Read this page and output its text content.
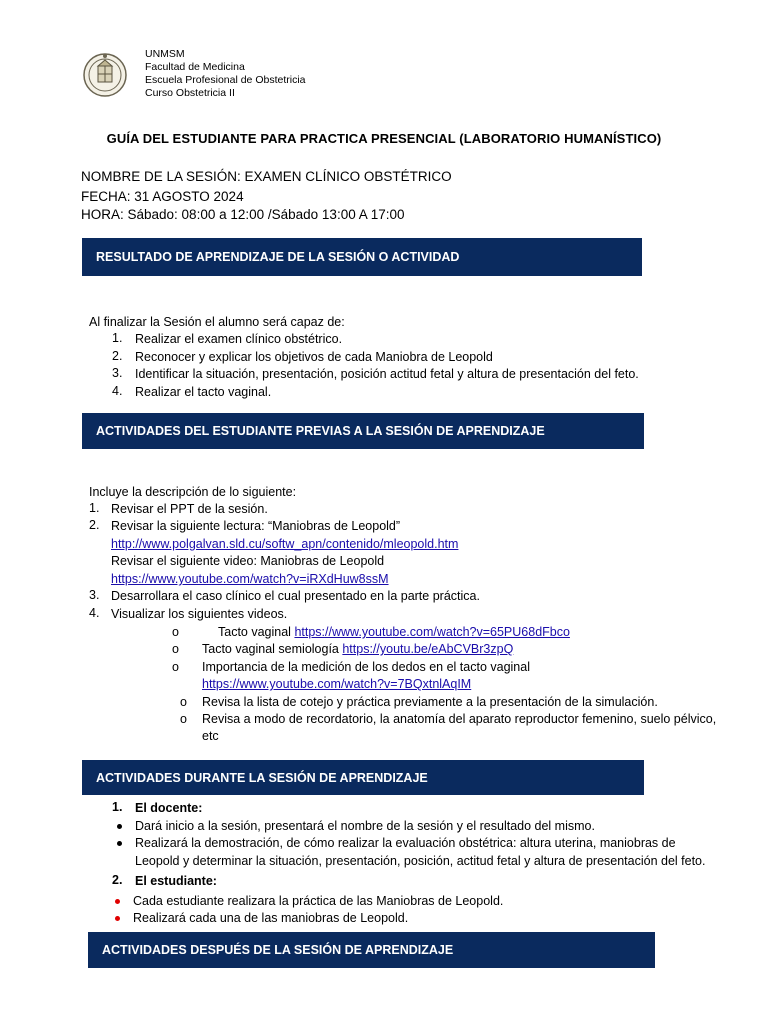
UNMSM
Facultad de Medicina
Escuela Profesional de Obstetricia
Curso Obstetricia II
GUÍA DEL ESTUDIANTE PARA PRACTICA PRESENCIAL (LABORATORIO HUMANÍSTICO)
NOMBRE DE LA SESIÓN: EXAMEN CLÍNICO OBSTÉTRICO
FECHA: 31 AGOSTO 2024
HORA: Sábado: 08:00 a 12:00 /Sábado 13:00 A 17:00
RESULTADO DE APRENDIZAJE DE LA SESIÓN O ACTIVIDAD
Al finalizar la Sesión el alumno será capaz de:
1. Realizar el examen clínico obstétrico.
2. Reconocer y explicar los objetivos de cada Maniobra de Leopold
3. Identificar la situación, presentación, posición actitud fetal y altura de presentación del feto.
4. Realizar el tacto vaginal.
ACTIVIDADES DEL ESTUDIANTE PREVIAS A LA SESIÓN DE APRENDIZAJE
Incluye la descripción de lo siguiente:
1. Revisar el PPT de la sesión.
2. Revisar la siguiente lectura: “Maniobras de Leopold”
http://www.polgalvan.sld.cu/softw_apn/contenido/mleopold.htm
Revisar el siguiente video: Maniobras de Leopold
https://www.youtube.com/watch?v=iRXdHuw8ssM
3. Desarrollara el caso clínico el cual presentado en la parte práctica.
4. Visualizar los siguientes videos.
o	Tacto vaginal https://www.youtube.com/watch?v=65PU68dFbco
o Tacto vaginal semiología https://youtu.be/eAbCVBr3zpQ
o Importancia de la medición de los dedos en el tacto vaginal
https://www.youtube.com/watch?v=7BQxtnlAqIM
o Revisa la lista de cotejo y práctica previamente a la presentación de la simulación.
o Revisa a modo de recordatorio, la anatomía del aparato reproductor femenino, suelo pélvico,
etc
ACTIVIDADES DURANTE LA SESIÓN DE APRENDIZAJE
1. El docente:
Dará inicio a la sesión, presentará el nombre de la sesión y el resultado del mismo.
Realizará la demostración, de cómo realizar la evaluación obstétrica: altura uterina, maniobras de
Leopold y determinar la situación, presentación, posición, actitud fetal y altura de presentación del feto.
2. El estudiante:
Cada estudiante realizara la práctica de las Maniobras de Leopold.
Realizará cada una de las maniobras de Leopold.
ACTIVIDADES DESPUÉS DE LA SESIÓN DE APRENDIZAJE
